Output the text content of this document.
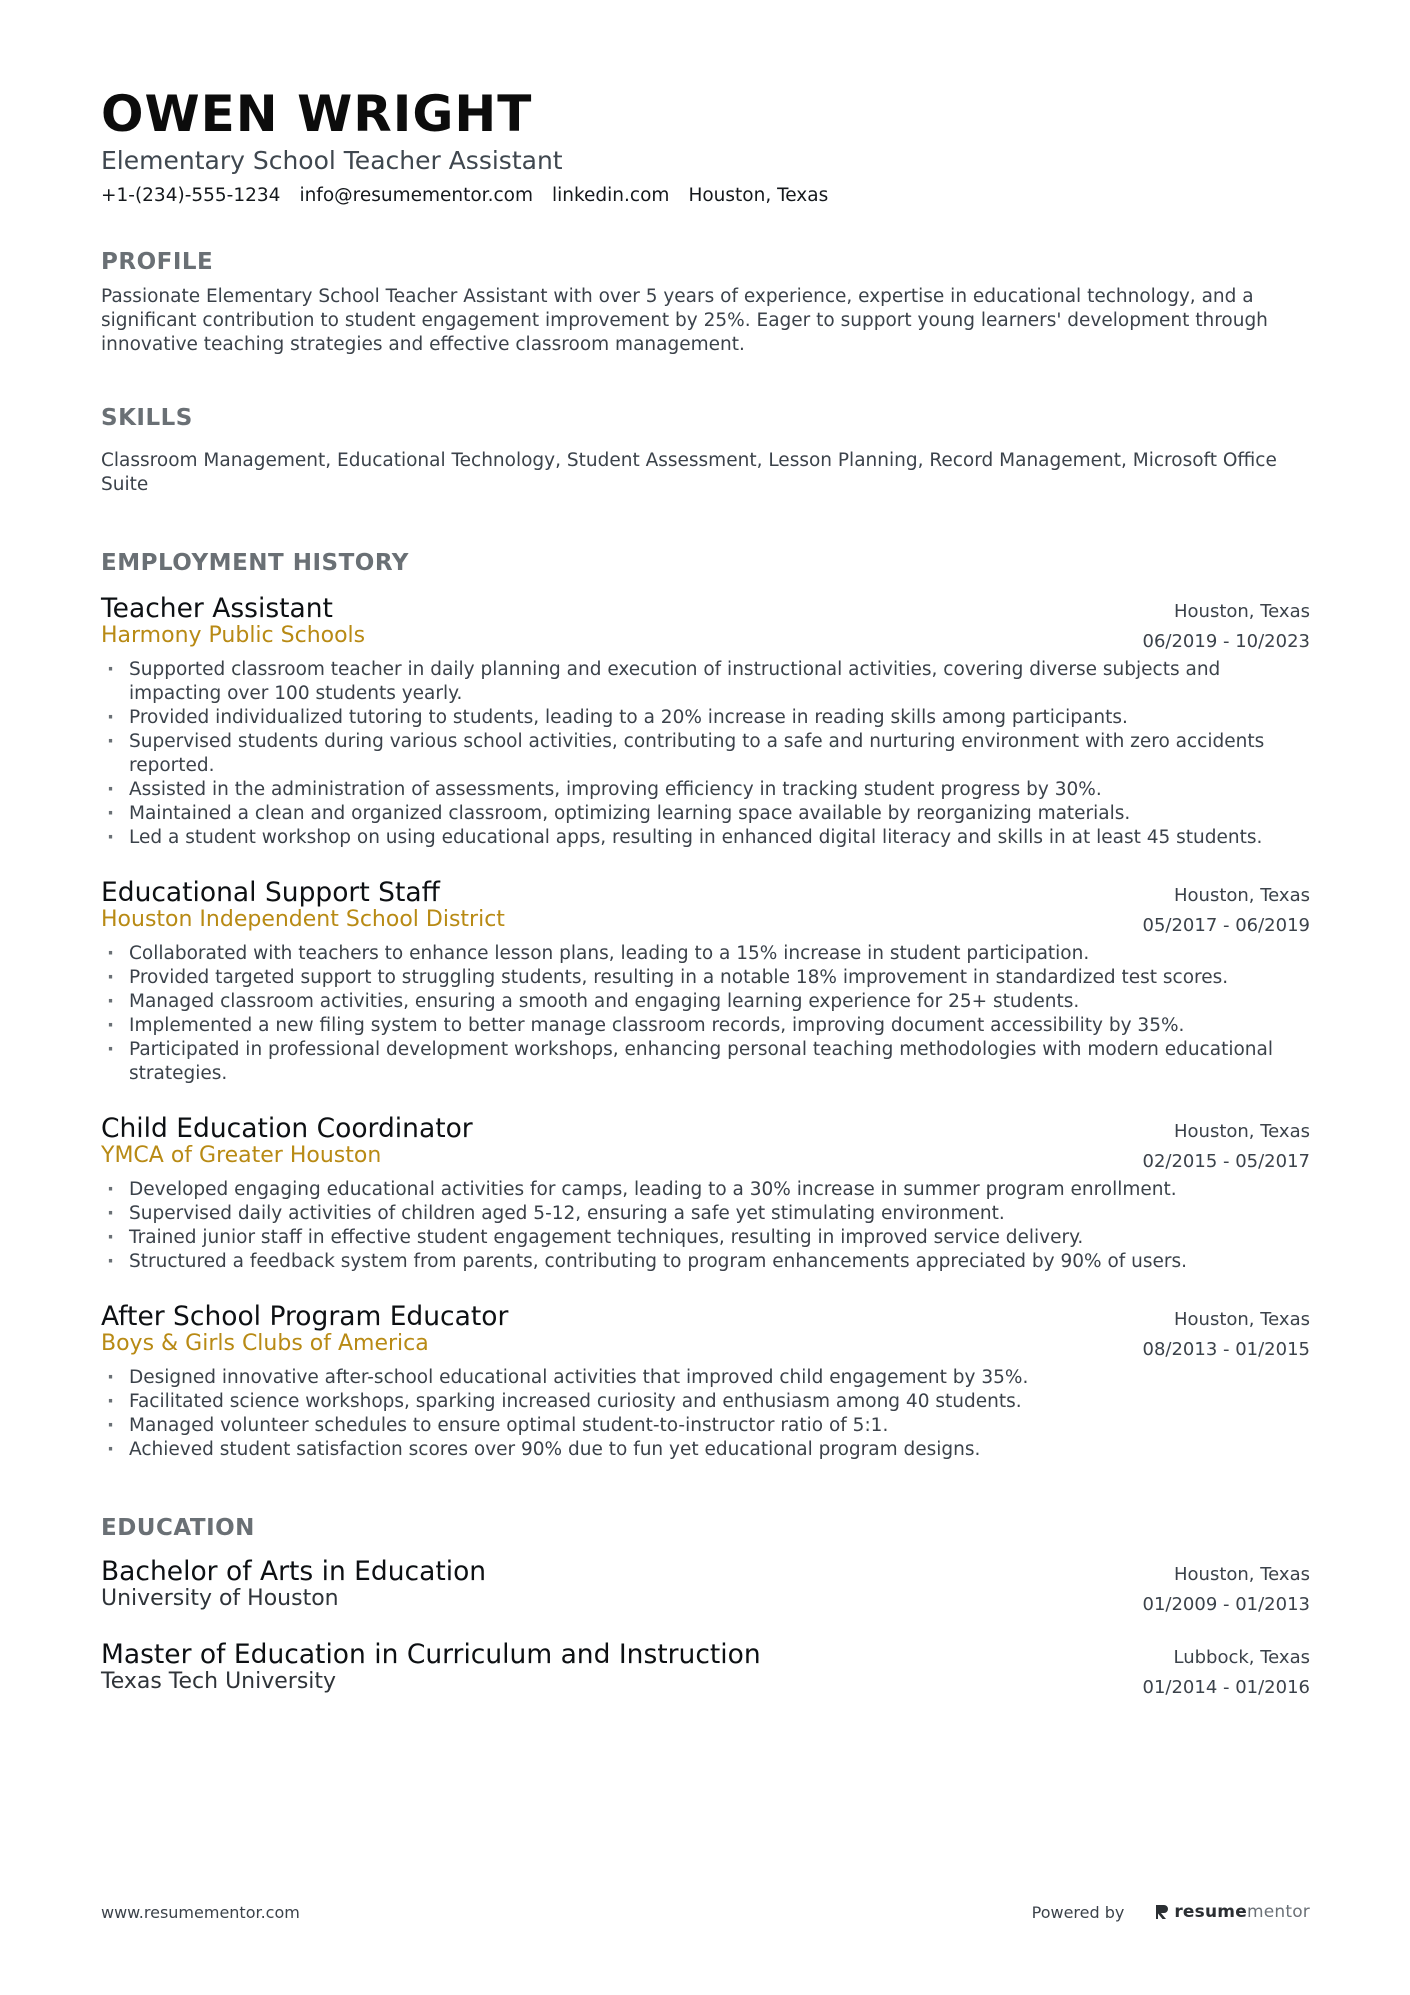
OWEN WRIGHT
Elementary School Teacher Assistant
+1-(234)-555-1234 info@resumementor.com linkedin.com Houston, Texas
PROFILE
Passionate Elementary School Teacher Assistant with over 5 years of experience, expertise in educational technology, and a significant contribution to student engagement improvement by 25%. Eager to support young learners' development through innovative teaching strategies and effective classroom management.
SKILLS
Classroom Management, Educational Technology, Student Assessment, Lesson Planning, Record Management, Microsoft Office Suite
EMPLOYMENT HISTORY
Teacher Assistant
Harmony Public Schools
Houston, Texas
06/2019 - 10/2023
· Supported classroom teacher in daily planning and execution of instructional activities, covering diverse subjects and impacting over 100 students yearly.
· Provided individualized tutoring to students, leading to a 20% increase in reading skills among participants.
· Supervised students during various school activities, contributing to a safe and nurturing environment with zero accidents reported.
· Assisted in the administration of assessments, improving efficiency in tracking student progress by 30%.
· Maintained a clean and organized classroom, optimizing learning space available by reorganizing materials.
· Led a student workshop on using educational apps, resulting in enhanced digital literacy and skills in at least 45 students.
Educational Support Staff
Houston Independent School District
Houston, Texas
05/2017 - 06/2019
· Collaborated with teachers to enhance lesson plans, leading to a 15% increase in student participation.
· Provided targeted support to struggling students, resulting in a notable 18% improvement in standardized test scores.
· Managed classroom activities, ensuring a smooth and engaging learning experience for 25+ students.
· Implemented a new filing system to better manage classroom records, improving document accessibility by 35%.
· Participated in professional development workshops, enhancing personal teaching methodologies with modern educational strategies.
Child Education Coordinator
YMCA of Greater Houston
Houston, Texas
02/2015 - 05/2017
· Developed engaging educational activities for camps, leading to a 30% increase in summer program enrollment.
· Supervised daily activities of children aged 5-12, ensuring a safe yet stimulating environment.
· Trained junior staff in effective student engagement techniques, resulting in improved service delivery.
· Structured a feedback system from parents, contributing to program enhancements appreciated by 90% of users.
After School Program Educator
Boys & Girls Clubs of America
Houston, Texas
08/2013 - 01/2015
· Designed innovative after-school educational activities that improved child engagement by 35%.
· Facilitated science workshops, sparking increased curiosity and enthusiasm among 40 students.
· Managed volunteer schedules to ensure optimal student-to-instructor ratio of 5:1.
· Achieved student satisfaction scores over 90% due to fun yet educational program designs.
EDUCATION
Bachelor of Arts in Education
University of Houston
Houston, Texas
01/2009 - 01/2013
Master of Education in Curriculum and Instruction
Texas Tech University
Lubbock, Texas
01/2014 - 01/2016
www.resumementor.com	Powered by	resumementor
